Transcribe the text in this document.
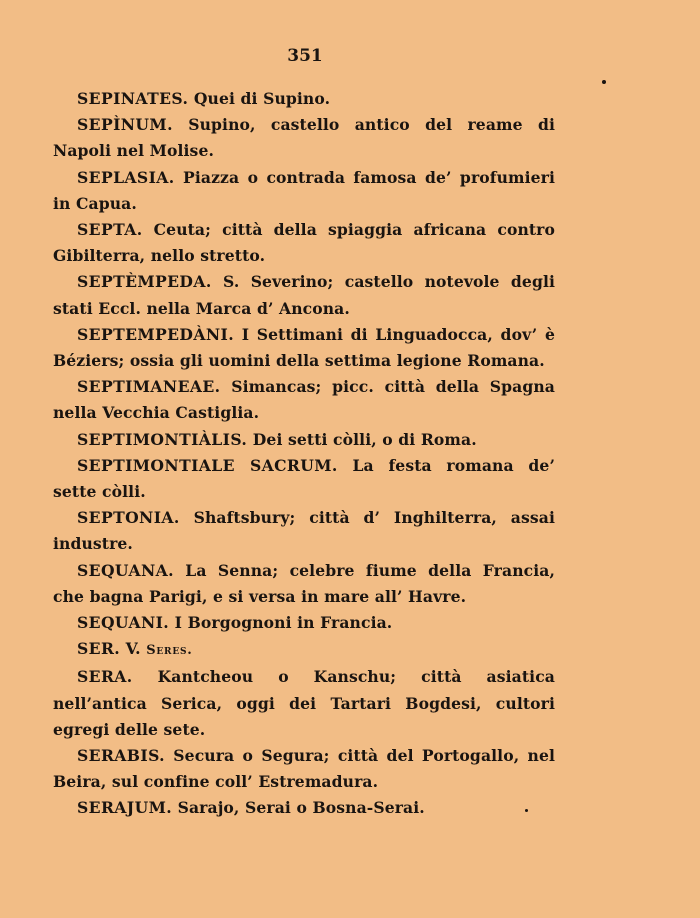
351

SEPINATES. Quei di Supino.

SEPÌNUM. Supino, castello antico del reame di Napoli nel Molise.

SEPLASIA. Piazza o contrada famosa de’ profumieri in Capua.

SEPTA. Ceuta; città della spiaggia africana contro Gibilterra, nello stretto.

SEPTÈMPEDA. S. Severino; castello notevole degli stati Eccl. nella Marca d’ Ancona.

SEPTEMPEDÀNI. I Settimani di Linguadocca, dov’ è Béziers; ossia gli uomini della settima legione Romana.

SEPTIMANEAE. Simancas; picc. città della Spagna nella Vecchia Castiglia.

SEPTIMONTIÀLIS. Dei setti còlli, o di Roma.

SEPTIMONTIALE SACRUM. La festa romana de’ sette còlli.

SEPTONIA. Shaftsbury; città d’ Inghilterra, assai industre.

SEQUANA. La Senna; celebre fiume della Francia, che bagna Parigi, e si versa in mare all’ Havre.

SEQUANI. I Borgognoni in Francia.

SER. V. Seres.

SERA. Kantcheou o Kanschu; città asiatica nell’antica Serica, oggi dei Tartari Bogdesi, cultori egregi delle sete.

SERABIS. Secura o Segura; città del Portogallo, nel Beira, sul confine coll’ Estremadura.

SERAJUM. Sarajo, Serai o Bosna-Serai.
